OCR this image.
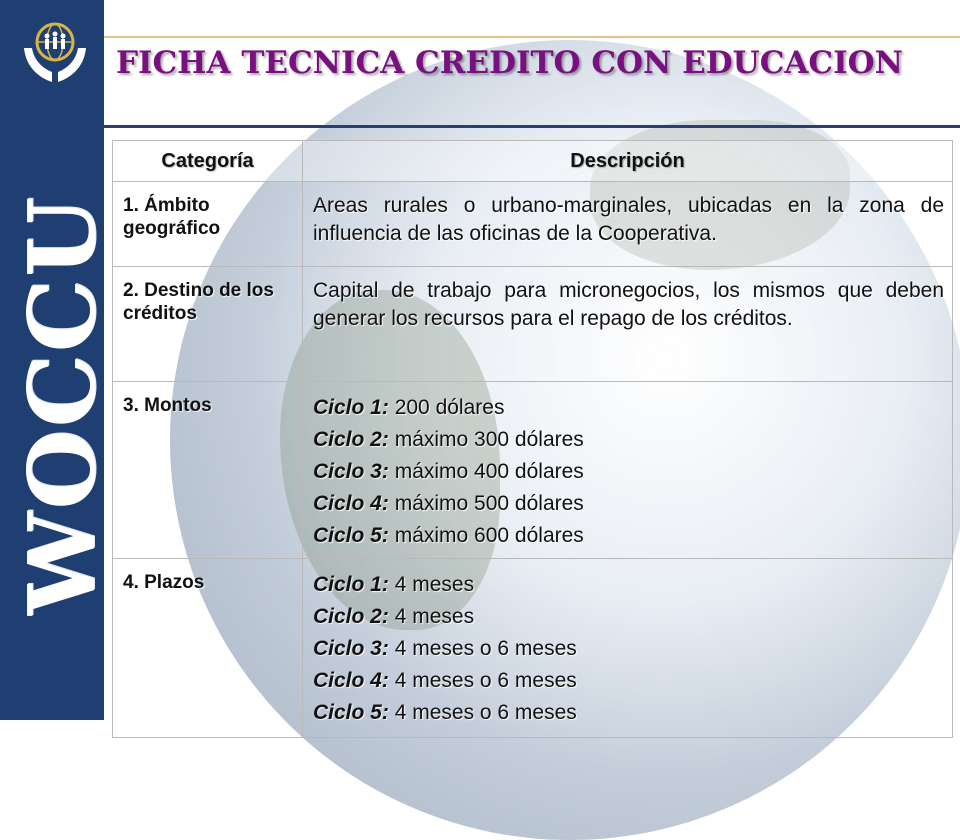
WOCCU
FICHA TECNICA CREDITO CON EDUCACION
Categoría	Descripción
1. Ámbito geográfico	Areas rurales o urbano-marginales, ubicadas en la zona de influencia de las oficinas de la Cooperativa.
2. Destino de los créditos	Capital de trabajo para micronegocios, los mismos que deben generar los recursos para el repago de los créditos.
3. Montos	Ciclo 1: 200 dólares
Ciclo 2: máximo 300 dólares
Ciclo 3: máximo 400 dólares
Ciclo 4: máximo 500 dólares
Ciclo 5: máximo 600 dólares

4. Plazos	Ciclo 1: 4 meses
Ciclo 2: 4 meses
Ciclo 3: 4 meses o 6 meses
Ciclo 4: 4 meses o 6 meses
Ciclo 5: 4 meses o 6 meses
